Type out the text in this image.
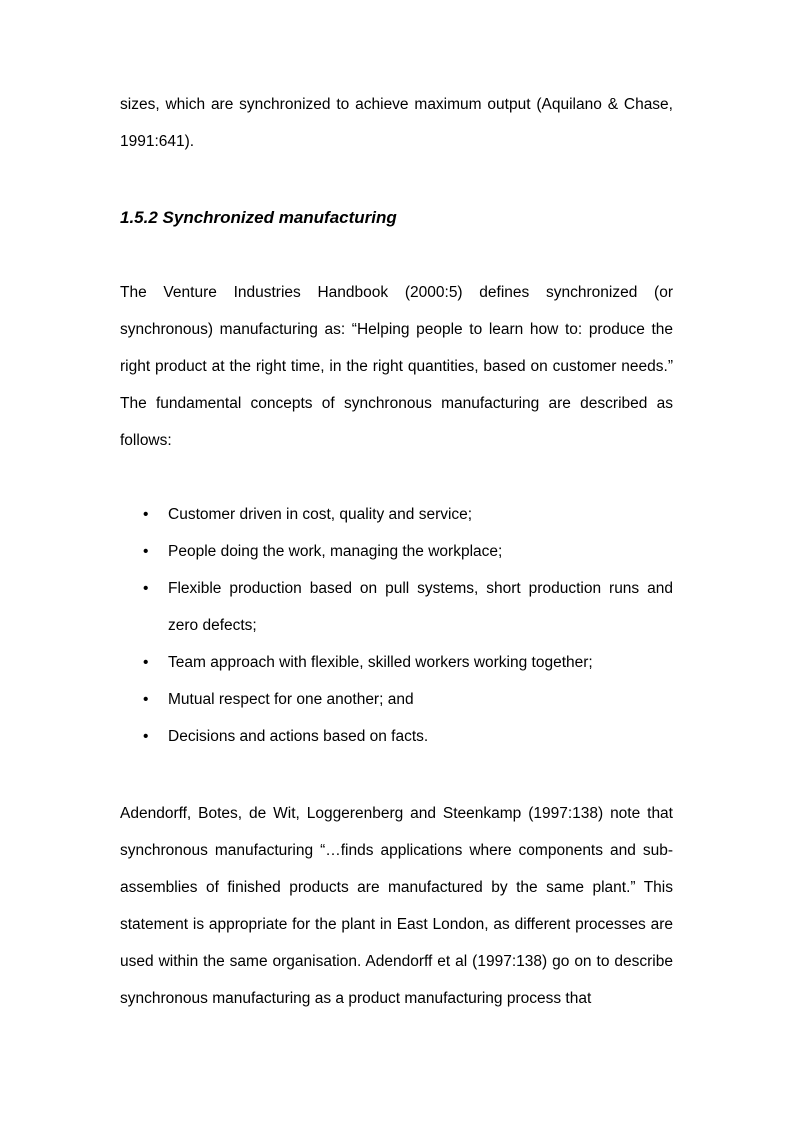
sizes, which are synchronized to achieve maximum output (Aquilano & Chase, 1991:641).

1.5.2 Synchronized manufacturing

The Venture Industries Handbook (2000:5) defines synchronized (or synchronous) manufacturing as: “Helping people to learn how to: produce the right product at the right time, in the right quantities, based on customer needs.” The fundamental concepts of synchronous manufacturing are described as follows:

• Customer driven in cost, quality and service;
• People doing the work, managing the workplace;
• Flexible production based on pull systems, short production runs and zero defects;
• Team approach with flexible, skilled workers working together;
• Mutual respect for one another; and
• Decisions and actions based on facts.

Adendorff, Botes, de Wit, Loggerenberg and Steenkamp (1997:138) note that synchronous manufacturing “…finds applications where components and sub-assemblies of finished products are manufactured by the same plant.” This statement is appropriate for the plant in East London, as different processes are used within the same organisation. Adendorff et al (1997:138) go on to describe synchronous manufacturing as a product manufacturing process that
